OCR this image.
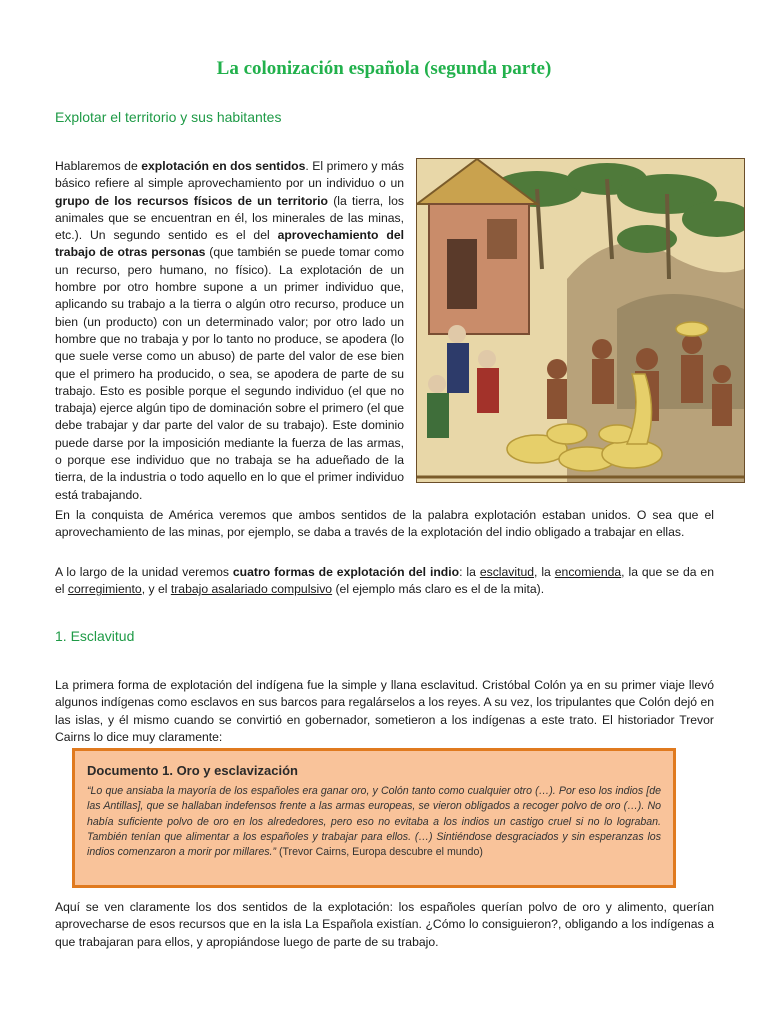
La colonización española (segunda parte)
Explotar el territorio y sus habitantes

Hablaremos de explotación en dos sentidos. El primero y más básico refiere al simple aprovechamiento por un individuo o un grupo de los recursos físicos de un territorio (la tierra, los animales que se encuentran en él, los minerales de las minas, etc.). Un segundo sentido es el del aprovechamiento del trabajo de otras personas (que también se puede tomar como un recurso, pero humano, no físico). La explotación de un hombre por otro hombre supone a un primer individuo que, aplicando su trabajo a la tierra o algún otro recurso, produce un bien (un producto) con un determinado valor; por otro lado un hombre que no trabaja y por lo tanto no produce, se apodera (lo que suele verse como un abuso) de parte del valor de ese bien que el primero ha producido, o sea, se apodera de parte de su trabajo. Esto es posible porque el segundo individuo (el que no trabaja) ejerce algún tipo de dominación sobre el primero (el que debe trabajar y dar parte del valor de su trabajo). Este dominio puede darse por la imposición mediante la fuerza de las armas, o porque ese individuo que no trabaja se ha adueñado de la tierra, de la industria o todo aquello en lo que el primer individuo está trabajando.

En la conquista de América veremos que ambos sentidos de la palabra explotación estaban unidos. O sea que el aprovechamiento de las minas, por ejemplo, se daba a través de la explotación del indio obligado a trabajar en ellas.

A lo largo de la unidad veremos cuatro formas de explotación del indio: la esclavitud, la encomienda, la que se da en el corregimiento, y el trabajo asalariado compulsivo (el ejemplo más claro es el de la mita).

1. Esclavitud

La primera forma de explotación del indígena fue la simple y llana esclavitud. Cristóbal Colón ya en su primer viaje llevó algunos indígenas como esclavos en sus barcos para regalárselos a los reyes. A su vez, los tripulantes que Colón dejó en las islas, y él mismo cuando se convirtió en gobernador, sometieron a los indígenas a este trato. El historiador Trevor Cairns lo dice muy claramente:

Documento 1. Oro y esclavización

“Lo que ansiaba la mayoría de los españoles era ganar oro, y Colón tanto como cualquier otro (…). Por eso los indios [de las Antillas], que se hallaban indefensos frente a las armas europeas, se vieron obligados a recoger polvo de oro (…). No había suficiente polvo de oro en los alrededores, pero eso no evitaba a los indios un castigo cruel si no lo lograban. También tenían que alimentar a los españoles y trabajar para ellos. (…) Sintiéndose desgraciados y sin esperanzas los indios comenzaron a morir por millares.” (Trevor Cairns, Europa descubre el mundo)

Aquí se ven claramente los dos sentidos de la explotación: los españoles querían polvo de oro y alimento, querían aprovecharse de esos recursos que en la isla La Española existían. ¿Cómo lo consiguieron?, obligando a los indígenas a que trabajaran para ellos, y apropiándose luego de parte de su trabajo.
